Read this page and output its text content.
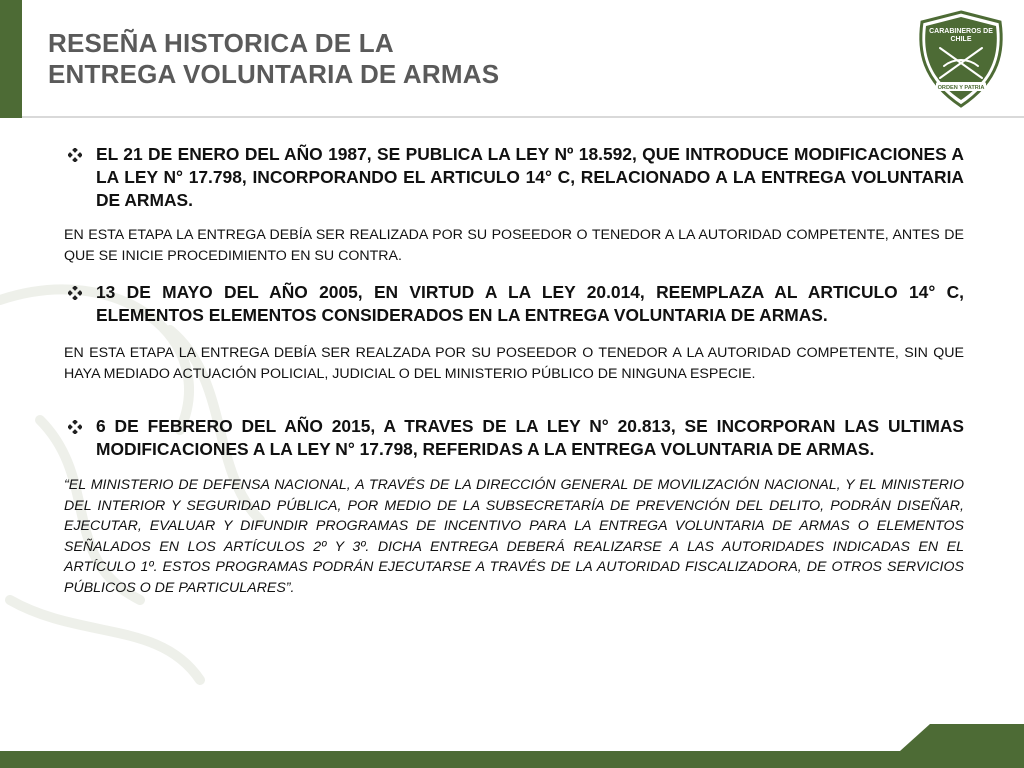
RESEÑA HISTORICA DE LA
ENTREGA VOLUNTARIA DE ARMAS
CARABINEROS DE
CHILE
ORDEN Y PATRIA

EL 21 DE ENERO DEL AÑO 1987, SE PUBLICA LA LEY Nº 18.592, QUE INTRODUCE MODIFICACIONES A LA LEY N° 17.798, INCORPORANDO EL ARTICULO 14° C, RELACIONADO A LA ENTREGA VOLUNTARIA DE ARMAS.

EN ESTA ETAPA LA ENTREGA DEBÍA SER REALIZADA POR SU POSEEDOR O TENEDOR A LA AUTORIDAD COMPETENTE, ANTES DE QUE SE INICIE PROCEDIMIENTO EN SU CONTRA.

13 DE MAYO DEL AÑO 2005, EN VIRTUD A LA LEY 20.014, REEMPLAZA AL ARTICULO 14° C, ELEMENTOS ELEMENTOS CONSIDERADOS EN LA ENTREGA VOLUNTARIA DE ARMAS.

EN ESTA ETAPA LA ENTREGA DEBÍA SER REALZADA POR SU POSEEDOR O TENEDOR A LA AUTORIDAD COMPETENTE, SIN QUE HAYA MEDIADO ACTUACIÓN POLICIAL, JUDICIAL O DEL MINISTERIO PÚBLICO DE NINGUNA ESPECIE.

6 DE FEBRERO DEL AÑO 2015, A TRAVES DE LA LEY N° 20.813, SE INCORPORAN LAS ULTIMAS MODIFICACIONES A LA LEY N° 17.798, REFERIDAS A LA ENTREGA VOLUNTARIA DE ARMAS.

“EL MINISTERIO DE DEFENSA NACIONAL, A TRAVÉS DE LA DIRECCIÓN GENERAL DE MOVILIZACIÓN NACIONAL, Y EL MINISTERIO DEL INTERIOR Y SEGURIDAD PÚBLICA, POR MEDIO DE LA SUBSECRETARÍA DE PREVENCIÓN DEL DELITO, PODRÁN DISEÑAR, EJECUTAR, EVALUAR Y DIFUNDIR PROGRAMAS DE INCENTIVO PARA LA ENTREGA VOLUNTARIA DE ARMAS O ELEMENTOS SEÑALADOS EN LOS ARTÍCULOS 2º Y 3º. DICHA ENTREGA DEBERÁ REALIZARSE A LAS AUTORIDADES INDICADAS EN EL ARTÍCULO 1º. ESTOS PROGRAMAS PODRÁN EJECUTARSE A TRAVÉS DE LA AUTORIDAD FISCALIZADORA, DE OTROS SERVICIOS PÚBLICOS O DE PARTICULARES”.
